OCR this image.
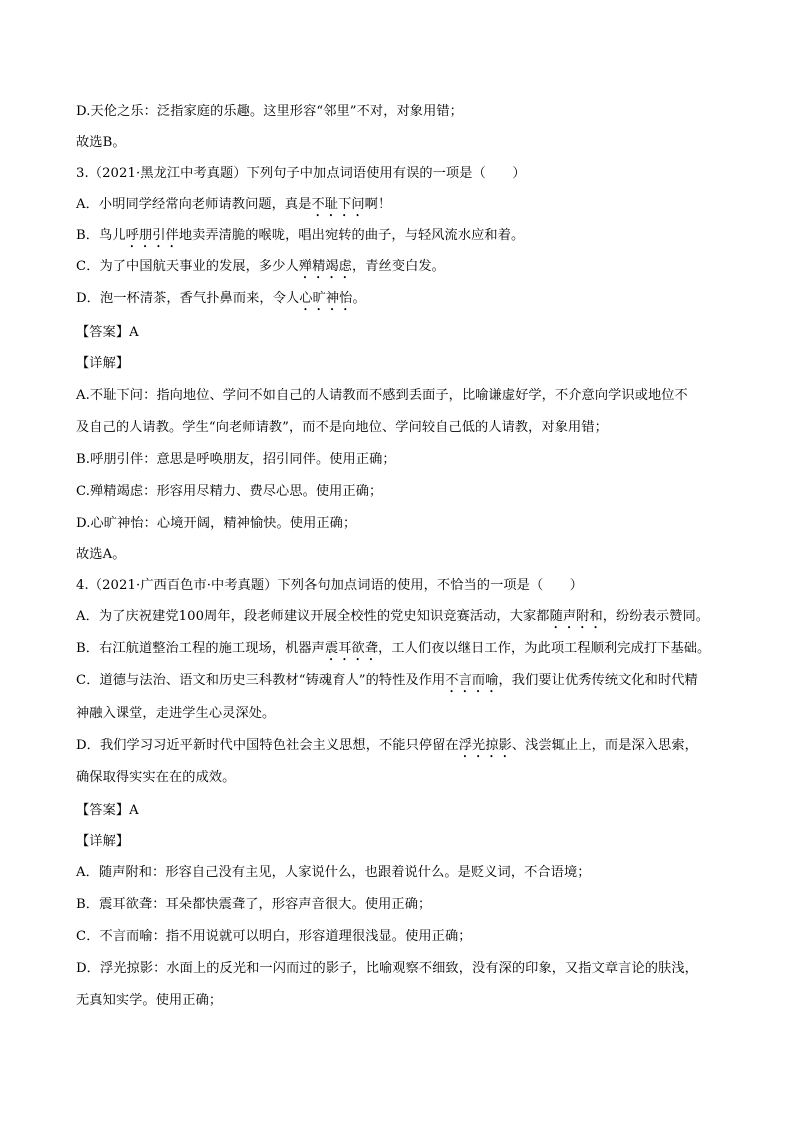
D.天伦之乐：泛指家庭的乐趣。这里形容“邻里”不对，对象用错；
故选B。
3.（2021·黑龙江中考真题）下列句子中加点词语使用有误的一项是（　　）
A．小明同学经常向老师请教问题，真是不耻下问啊！
B．鸟儿呼朋引伴地卖弄清脆的喉咙，唱出宛转的曲子，与轻风流水应和着。
C．为了中国航天事业的发展，多少人殚精竭虑，青丝变白发。
D．泡一杯清茶，香气扑鼻而来，令人心旷神怡。
【答案】A
【详解】
A.不耻下问：指向地位、学问不如自己的人请教而不感到丢面子，比喻谦虚好学，不介意向学识或地位不
及自己的人请教。学生“向老师请教”，而不是向地位、学问较自己低的人请教，对象用错；
B.呼朋引伴：意思是呼唤朋友，招引同伴。使用正确；
C.殚精竭虑：形容用尽精力、费尽心思。使用正确；
D.心旷神怡：心境开阔，精神愉快。使用正确；
故选A。
4.（2021·广西百色市·中考真题）下列各句加点词语的使用，不恰当的一项是（　　）
A．为了庆祝建党100周年，段老师建议开展全校性的党史知识竞赛活动，大家都随声附和，纷纷表示赞同。
B．右江航道整治工程的施工现场，机器声震耳欲聋，工人们夜以继日工作，为此项工程顺利完成打下基础。
C．道德与法治、语文和历史三科教材“铸魂育人”的特性及作用不言而喻，我们要让优秀传统文化和时代精
神融入课堂，走进学生心灵深处。
D．我们学习习近平新时代中国特色社会主义思想，不能只停留在浮光掠影、浅尝辄止上，而是深入思索，
确保取得实实在在的成效。
【答案】A
【详解】
A．随声附和：形容自己没有主见，人家说什么，也跟着说什么。是贬义词，不合语境；
B．震耳欲聋：耳朵都快震聋了，形容声音很大。使用正确；
C．不言而喻：指不用说就可以明白，形容道理很浅显。使用正确；
D．浮光掠影：水面上的反光和一闪而过的影子，比喻观察不细致，没有深的印象，又指文章言论的肤浅，
无真知实学。使用正确；
